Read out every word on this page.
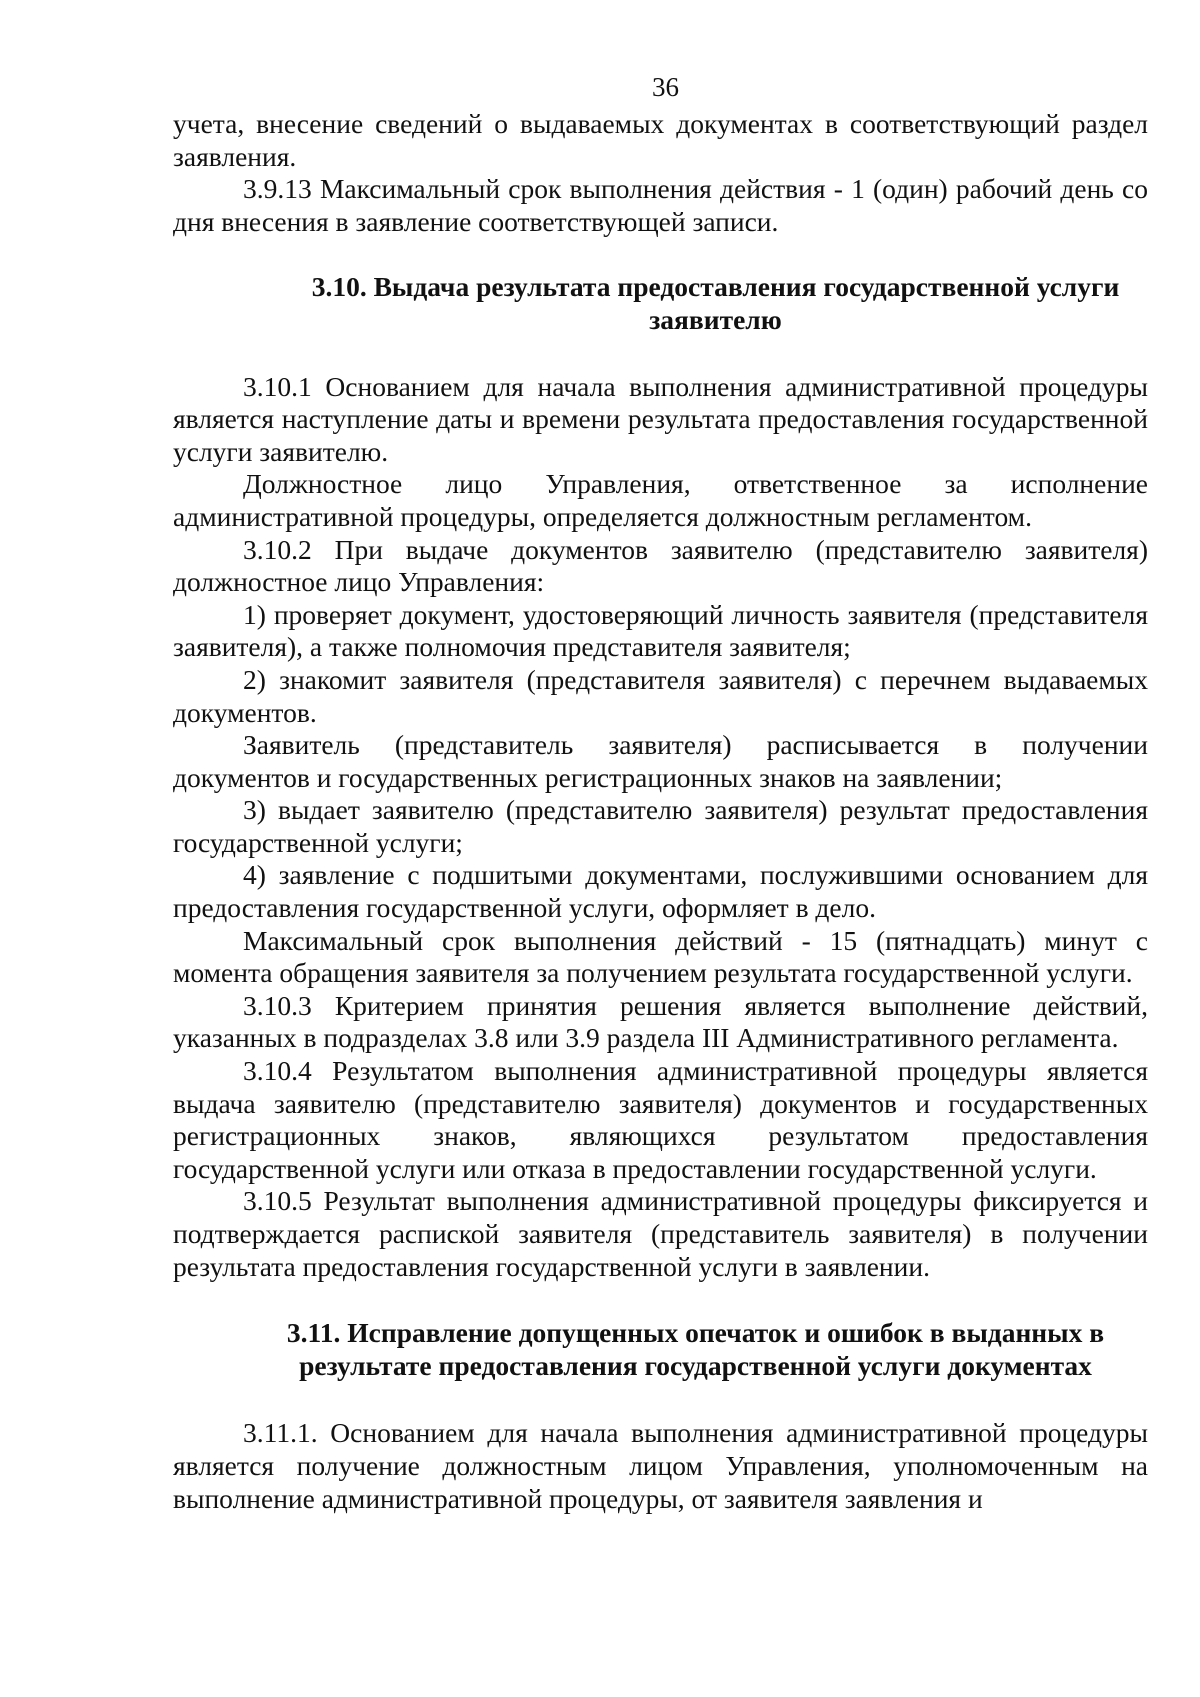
36

учета, внесение сведений о выдаваемых документах в соответствующий раздел заявления.

3.9.13 Максимальный срок выполнения действия - 1 (один) рабочий день со дня внесения в заявление соответствующей записи.

3.10. Выдача результата предоставления государственной услуги заявителю

3.10.1 Основанием для начала выполнения административной процедуры является наступление даты и времени результата предоставления государственной услуги заявителю.

Должностное лицо Управления, ответственное за исполнение административной процедуры, определяется должностным регламентом.

3.10.2 При выдаче документов заявителю (представителю заявителя) должностное лицо Управления:

1) проверяет документ, удостоверяющий личность заявителя (представителя заявителя), а также полномочия представителя заявителя;

2) знакомит заявителя (представителя заявителя) с перечнем выдаваемых документов.

Заявитель (представитель заявителя) расписывается в получении документов и государственных регистрационных знаков на заявлении;

3) выдает заявителю (представителю заявителя) результат предоставления государственной услуги;

4) заявление с подшитыми документами, послужившими основанием для предоставления государственной услуги, оформляет в дело.

Максимальный срок выполнения действий - 15 (пятнадцать) минут с момента обращения заявителя за получением результата государственной услуги.

3.10.3 Критерием принятия решения является выполнение действий, указанных в подразделах 3.8 или 3.9 раздела III Административного регламента.

3.10.4 Результатом выполнения административной процедуры является выдача заявителю (представителю заявителя) документов и государственных регистрационных знаков, являющихся результатом предоставления государственной услуги или отказа в предоставлении государственной услуги.

3.10.5 Результат выполнения административной процедуры фиксируется и подтверждается распиской заявителя (представитель заявителя) в получении результата предоставления государственной услуги в заявлении.

3.11. Исправление допущенных опечаток и ошибок в выданных в результате предоставления государственной услуги документах

3.11.1. Основанием для начала выполнения административной процедуры является получение должностным лицом Управления, уполномоченным на выполнение административной процедуры, от заявителя заявления и
